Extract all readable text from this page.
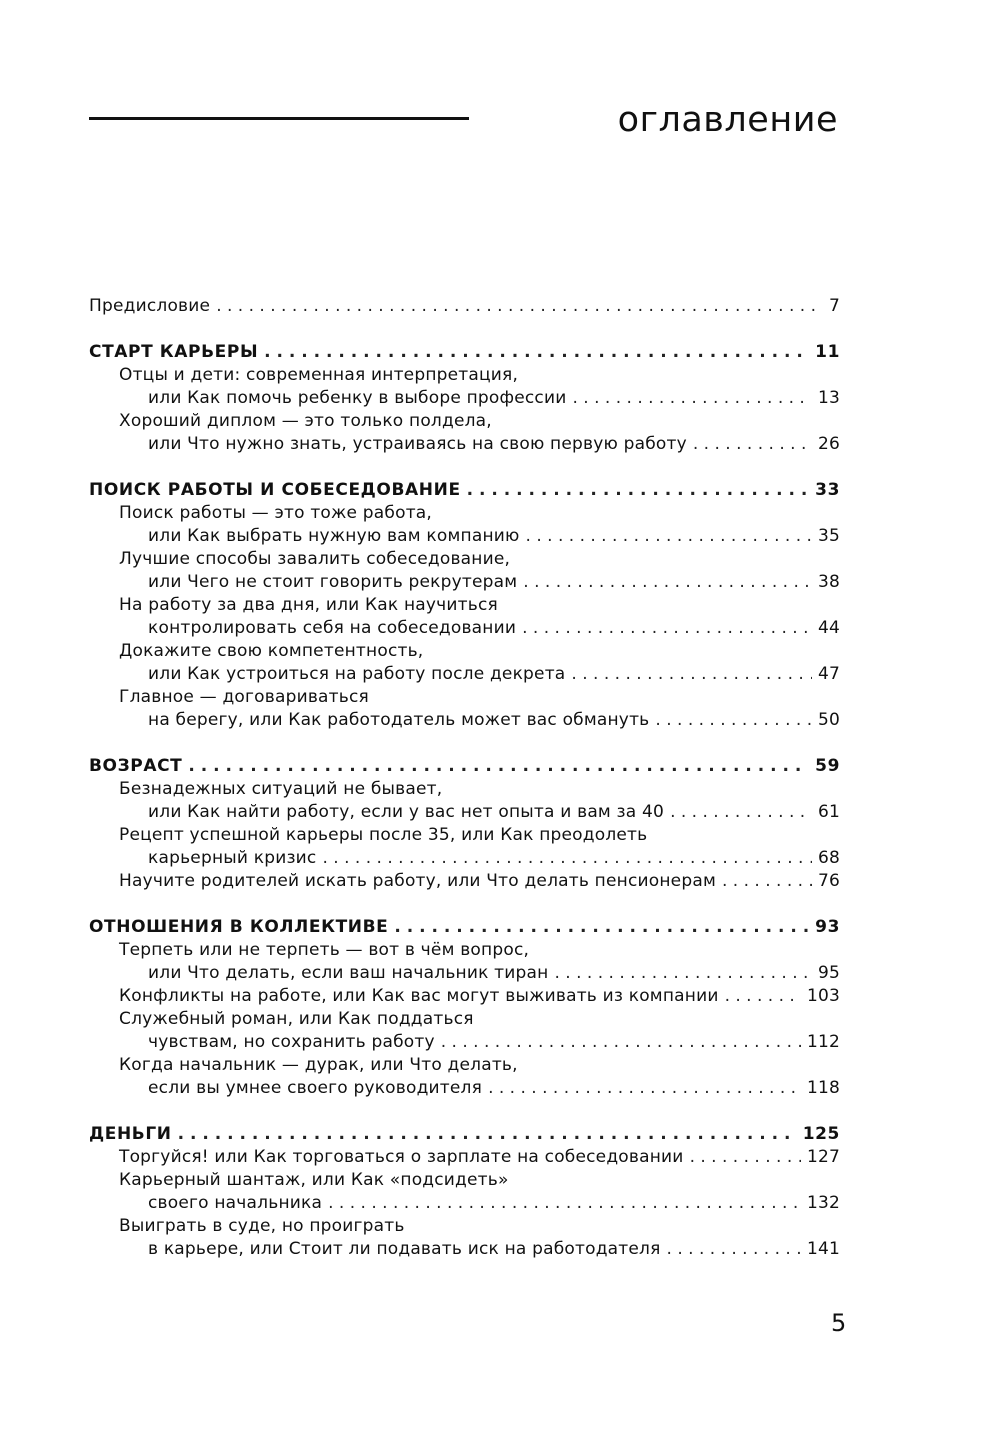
оглавление
Предисловие . . .	7
СТАРТ КАРЬЕРЫ . . .	11
Отцы и дети: современная интерпретация,
или Как помочь ребенку в выборе профессии . . .	13
Хороший диплом — это только полдела,
или Что нужно знать, устраиваясь на свою первую работу . . .	26
ПОИСК РАБОТЫ И СОБЕСЕДОВАНИЕ . . .	33
Поиск работы — это тоже работа,
или Как выбрать нужную вам компанию . . .	35
Лучшие способы завалить собеседование,
или Чего не стоит говорить рекрутерам . . .	38
На работу за два дня, или Как научиться
контролировать себя на собеседовании . . .	44
Докажите свою компетентность,
или Как устроиться на работу после декрета . . .	47
Главное — договариваться
на берегу, или Как работодатель может вас обмануть . . .	50
ВОЗРАСТ . . .	59
Безнадежных ситуаций не бывает,
или Как найти работу, если у вас нет опыта и вам за 40 . . .	61
Рецепт успешной карьеры после 35, или Как преодолеть
карьерный кризис . . .	68
Научите родителей искать работу, или Что делать пенсионерам . . .	76
ОТНОШЕНИЯ В КОЛЛЕКТИВЕ . . .	93
Терпеть или не терпеть — вот в чём вопрос,
или Что делать, если ваш начальник тиран . . .	95
Конфликты на работе, или Как вас могут выживать из компании . . .	103
Служебный роман, или Как поддаться
чувствам, но сохранить работу . . .	112
Когда начальник — дурак, или Что делать,
если вы умнее своего руководителя . . .	118
ДЕНЬГИ . . .	125
Торгуйся! или Как торговаться о зарплате на собеседовании . . .	127
Карьерный шантаж, или Как «подсидеть»
своего начальника . . .	132
Выиграть в суде, но проиграть
в карьере, или Стоит ли подавать иск на работодателя . . .	141
5
